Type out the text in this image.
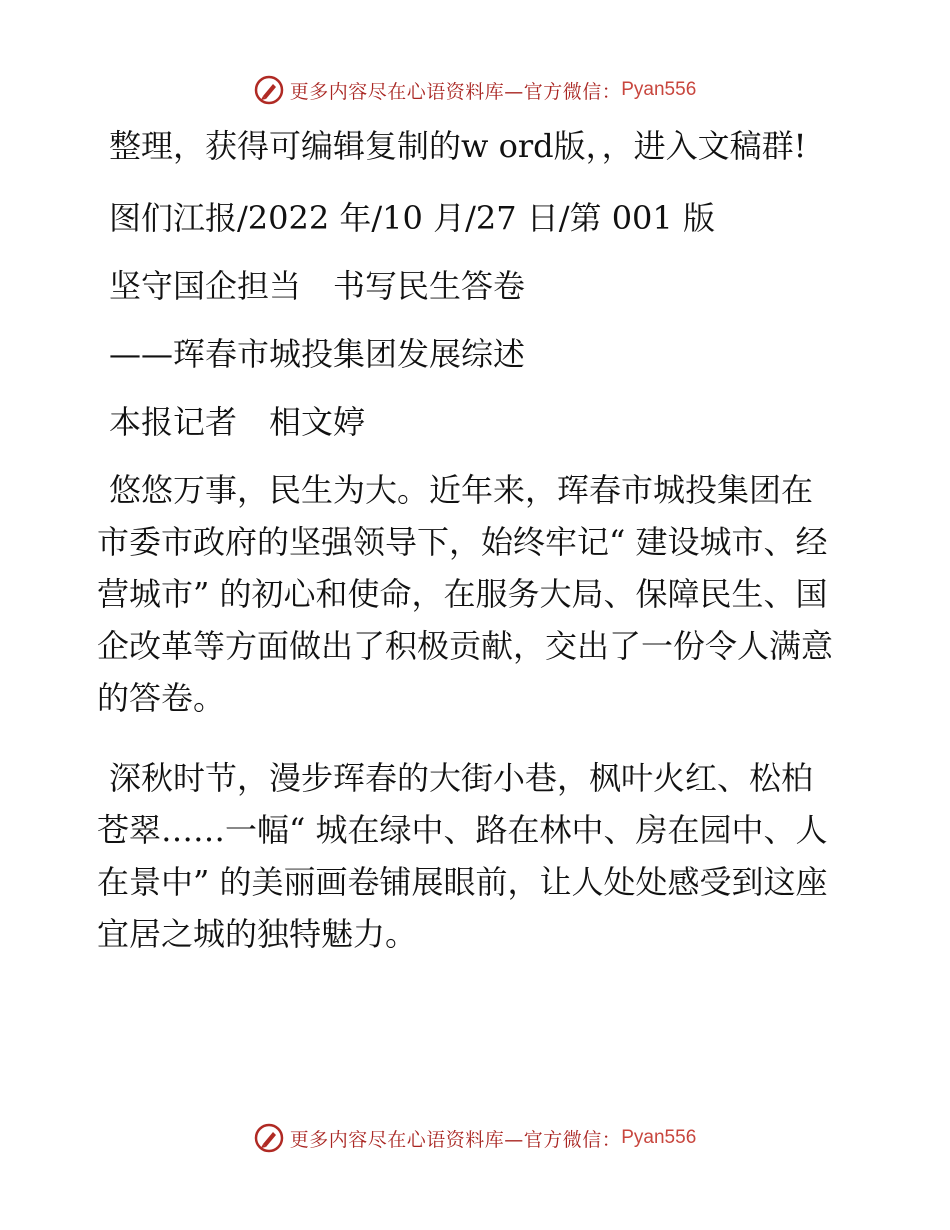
更多内容尽在心语资料库—官方微信： Pyan556

整理，获得可编辑复制的w ord版，，进入文稿群!

图们江报/2022 年/10 月/27 日/第 001 版

坚守国企担当　书写民生答卷

——珲春市城投集团发展综述

本报记者　相文婷

悠悠万事，民生为大。近年来，珲春市城投集团在市委市政府的坚强领导下，始终牢记“ 建设城市、经营城市” 的初心和使命，在服务大局、保障民生、国企改革等方面做出了积极贡献，交出了一份令人满意的答卷。

深秋时节，漫步珲春的大街小巷，枫叶火红、松柏苍翠……一幅“ 城在绿中、路在林中、房在园中、人在景中” 的美丽画卷铺展眼前，让人处处感受到这座宜居之城的独特魅力。

更多内容尽在心语资料库—官方微信： Pyan556
